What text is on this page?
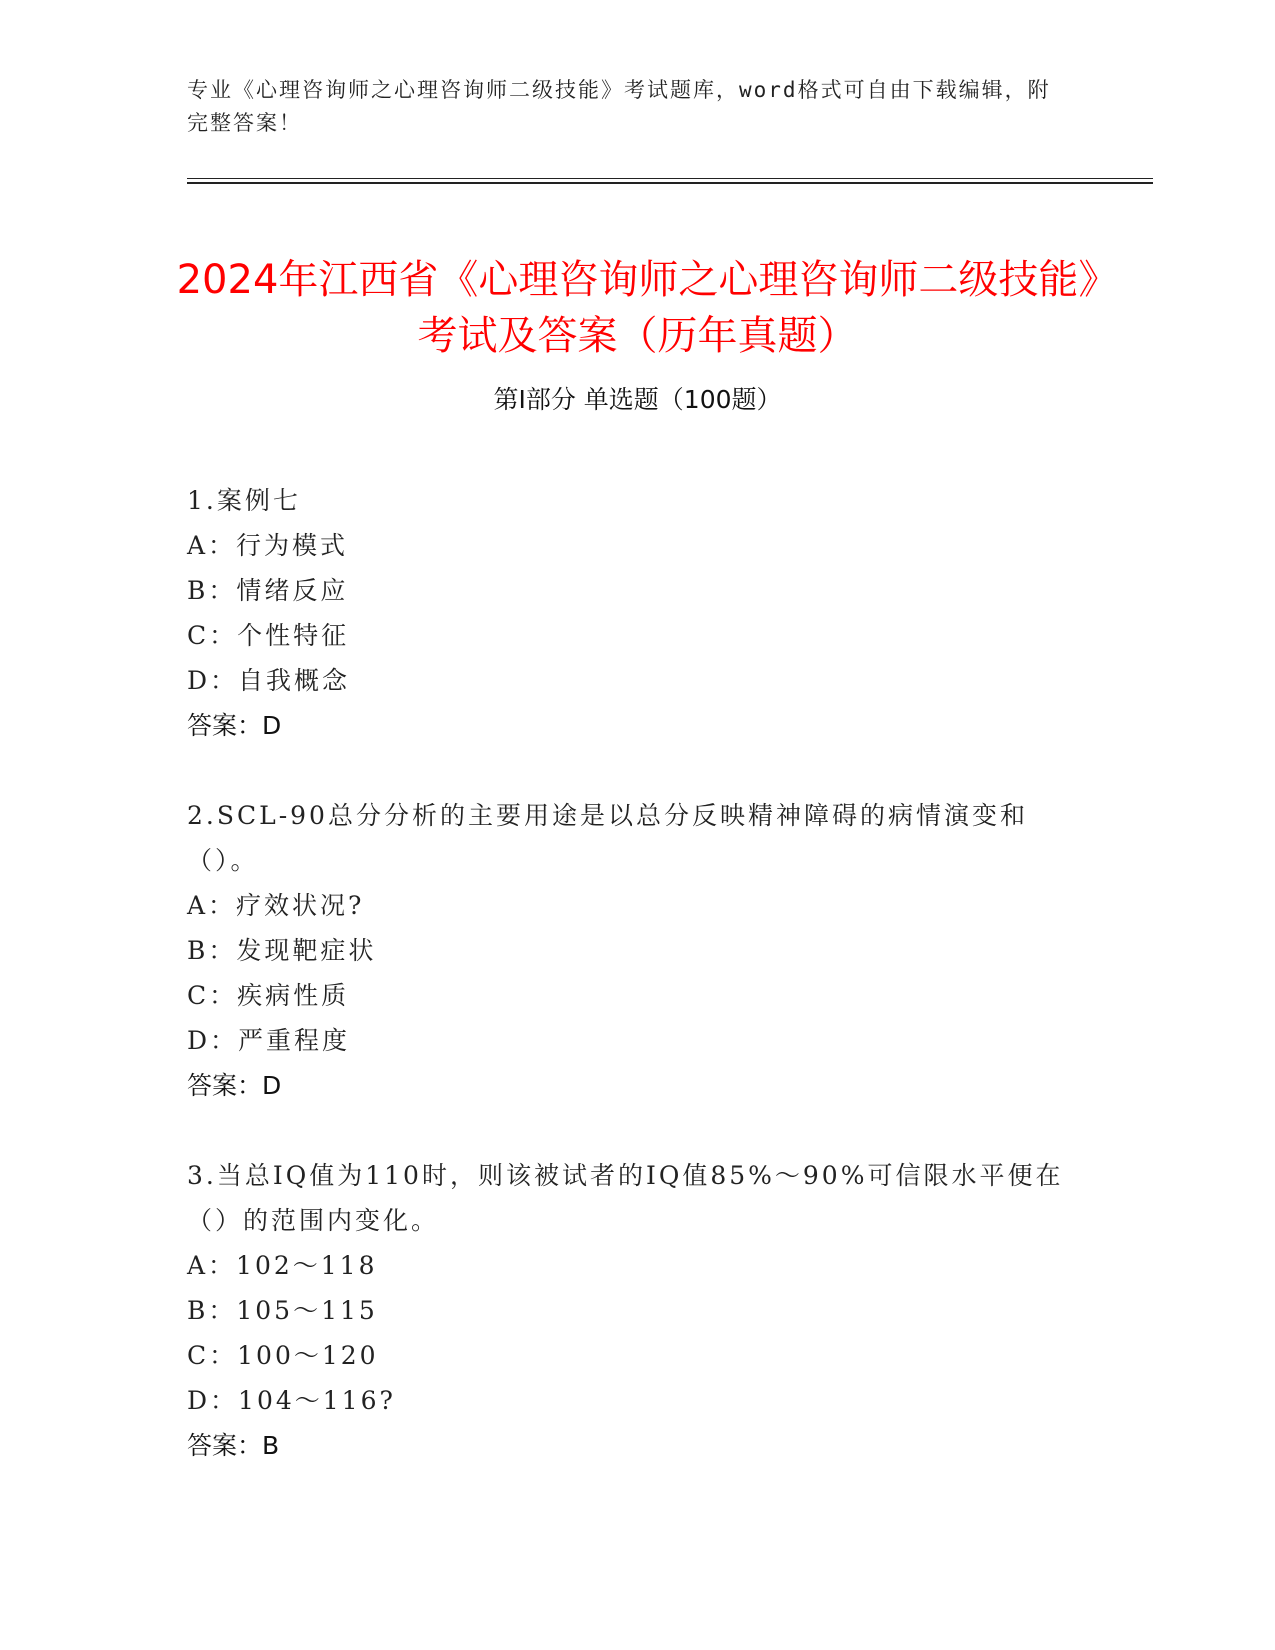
专业《心理咨询师之心理咨询师二级技能》考试题库，word格式可自由下载编辑，附完整答案！
2024年江西省《心理咨询师之心理咨询师二级技能》考试及答案（历年真题）
第Ⅰ部分 单选题（100题）

1.案例七

A：行为模式

B：情绪反应

C：个性特征

D：自我概念

答案：D

2.SCL-90总分分析的主要用途是以总分反映精神障碍的病情演变和（）。

A：疗效状况?

B：发现靶症状

C：疾病性质

D：严重程度

答案：D

3.当总IQ值为110时，则该被试者的IQ值85%～90%可信限水平便在（）的范围内变化。

A：102～118

B：105～115

C：100～120

D：104～116?

答案：B
